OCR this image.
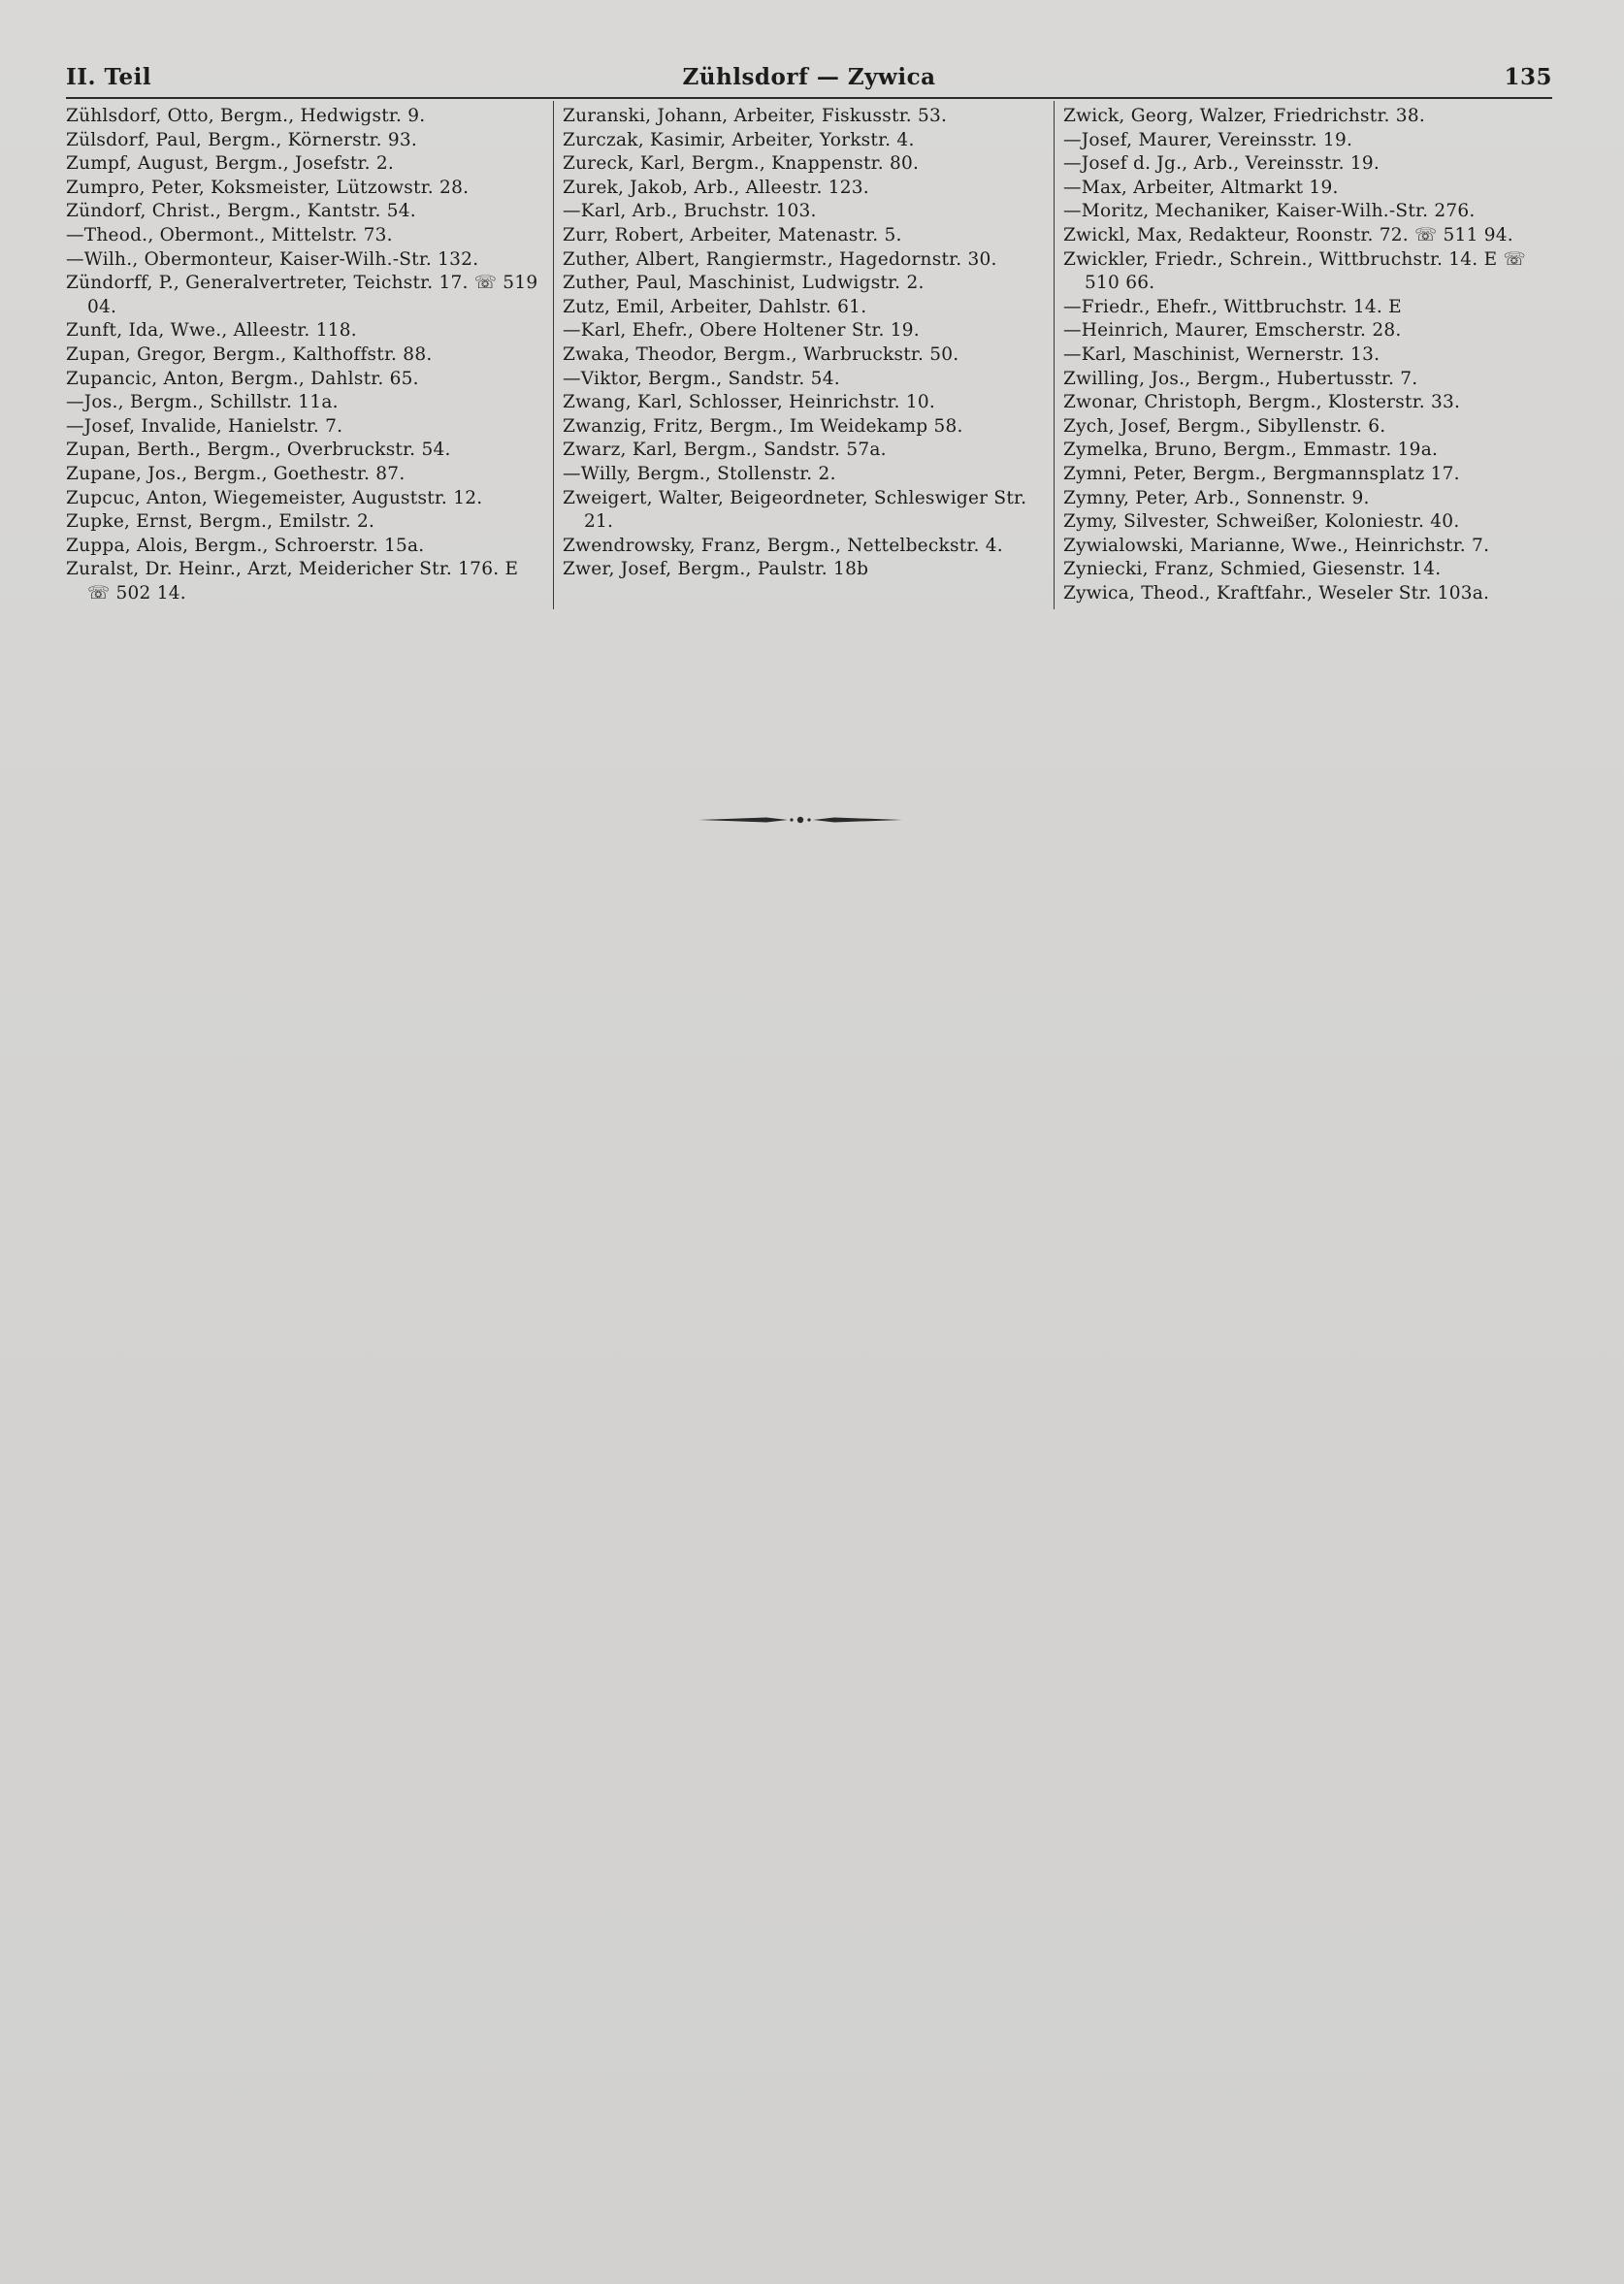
II. Teil	Zühlsdorf — Zywica	135
Zühlsdorf, Otto, Bergm., Hedwigstr. 9.
Zülsdorf, Paul, Bergm., Körnerstr. 93.
Zumpf, August, Bergm., Josefstr. 2.
Zumpro, Peter, Koksmeister, Lützowstr. 28.
Zündorf, Christ., Bergm., Kantstr. 54.
—Theod., Obermont., Mittelstr. 73.
—Wilh., Obermonteur, Kaiser-Wilh.-Str. 132.
Zündorff, P., Generalvertreter, Teichstr. 17. ☏ 519 04.
Zunft, Ida, Wwe., Alleestr. 118.
Zupan, Gregor, Bergm., Kalthoffstr. 88.
Zupancic, Anton, Bergm., Dahlstr. 65.
—Jos., Bergm., Schillstr. 11a.
—Josef, Invalide, Hanielstr. 7.
Zupan, Berth., Bergm., Overbruckstr. 54.
Zupane, Jos., Bergm., Goethestr. 87.
Zupcuc, Anton, Wiegemeister, Auguststr. 12.
Zupke, Ernst, Bergm., Emilstr. 2.
Zuppa, Alois, Bergm., Schroerstr. 15a.
Zuralst, Dr. Heinr., Arzt, Meidericher Str. 176. E ☏ 502 14.
Zuranski, Johann, Arbeiter, Fiskusstr. 53.
Zurczak, Kasimir, Arbeiter, Yorkstr. 4.
Zureck, Karl, Bergm., Knappenstr. 80.
Zurek, Jakob, Arb., Alleestr. 123.
—Karl, Arb., Bruchstr. 103.
Zurr, Robert, Arbeiter, Matenastr. 5.
Zuther, Albert, Rangiermstr., Hagedornstr. 30.
Zuther, Paul, Maschinist, Ludwigstr. 2.
Zutz, Emil, Arbeiter, Dahlstr. 61.
—Karl, Ehefr., Obere Holtener Str. 19.
Zwaka, Theodor, Bergm., Warbruckstr. 50.
—Viktor, Bergm., Sandstr. 54.
Zwang, Karl, Schlosser, Heinrichstr. 10.
Zwanzig, Fritz, Bergm., Im Weidekamp 58.
Zwarz, Karl, Bergm., Sandstr. 57a.
—Willy, Bergm., Stollenstr. 2.
Zweigert, Walter, Beigeordneter, Schleswiger Str. 21.
Zwendrowsky, Franz, Bergm., Nettelbeckstr. 4.
Zwer, Josef, Bergm., Paulstr. 18b
Zwick, Georg, Walzer, Friedrichstr. 38.
—Josef, Maurer, Vereinsstr. 19.
—Josef d. Jg., Arb., Vereinsstr. 19.
—Max, Arbeiter, Altmarkt 19.
—Moritz, Mechaniker, Kaiser-Wilh.-Str. 276.
Zwickl, Max, Redakteur, Roonstr. 72. ☏ 511 94.
Zwickler, Friedr., Schrein., Wittbruchstr. 14. E ☏ 510 66.
—Friedr., Ehefr., Wittbruchstr. 14. E
—Heinrich, Maurer, Emscherstr. 28.
—Karl, Maschinist, Wernerstr. 13.
Zwilling, Jos., Bergm., Hubertusstr. 7.
Zwonar, Christoph, Bergm., Klosterstr. 33.
Zych, Josef, Bergm., Sibyllenstr. 6.
Zymelka, Bruno, Bergm., Emmastr. 19a.
Zymni, Peter, Bergm., Bergmannsplatz 17.
Zymny, Peter, Arb., Sonnenstr. 9.
Zymy, Silvester, Schweißer, Koloniestr. 40.
Zywialowski, Marianne, Wwe., Heinrichstr. 7.
Zyniecki, Franz, Schmied, Giesenstr. 14.
Zywica, Theod., Kraftfahr., Weseler Str. 103a.
